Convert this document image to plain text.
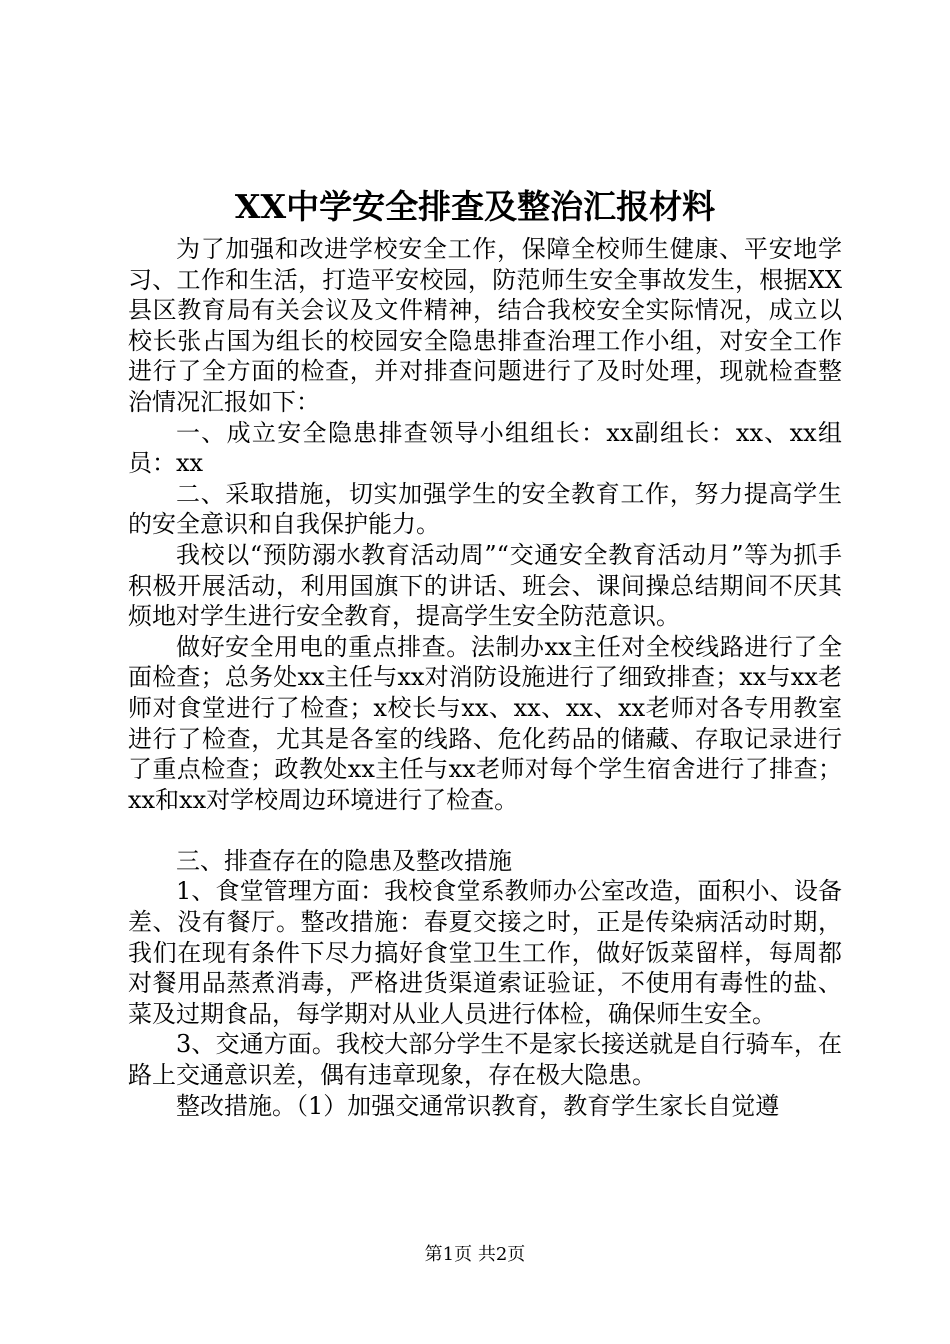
XX中学安全排查及整治汇报材料

为了加强和改进学校安全工作，保障全校师生健康、平安地学习、工作和生活，打造平安校园，防范师生安全事故发生，根据XX县区教育局有关会议及文件精神，结合我校安全实际情况，成立以校长张占国为组长的校园安全隐患排查治理工作小组，对安全工作进行了全方面的检查，并对排查问题进行了及时处理，现就检查整治情况汇报如下：

一、成立安全隐患排查领导小组组长：xx副组长：xx、xx组员：xx

二、采取措施，切实加强学生的安全教育工作，努力提高学生的安全意识和自我保护能力。

我校以“预防溺水教育活动周”“交通安全教育活动月”等为抓手积极开展活动，利用国旗下的讲话、班会、课间操总结期间不厌其烦地对学生进行安全教育，提高学生安全防范意识。

做好安全用电的重点排查。法制办xx主任对全校线路进行了全面检查；总务处xx主任与xx对消防设施进行了细致排查；xx与xx老师对食堂进行了检查；x校长与xx、xx、xx、xx老师对各专用教室进行了检查，尤其是各室的线路、危化药品的储藏、存取记录进行了重点检查；政教处xx主任与xx老师对每个学生宿舍进行了排查；xx和xx对学校周边环境进行了检查。

三、排查存在的隐患及整改措施

1、食堂管理方面：我校食堂系教师办公室改造，面积小、设备差、没有餐厅。整改措施：春夏交接之时，正是传染病活动时期，我们在现有条件下尽力搞好食堂卫生工作，做好饭菜留样，每周都对餐用品蒸煮消毒，严格进货渠道索证验证，不使用有毒性的盐、菜及过期食品，每学期对从业人员进行体检，确保师生安全。

3、交通方面。我校大部分学生不是家长接送就是自行骑车，在路上交通意识差，偶有违章现象，存在极大隐患。

整改措施。（1）加强交通常识教育，教育学生家长自觉遵

第1页 共2页
